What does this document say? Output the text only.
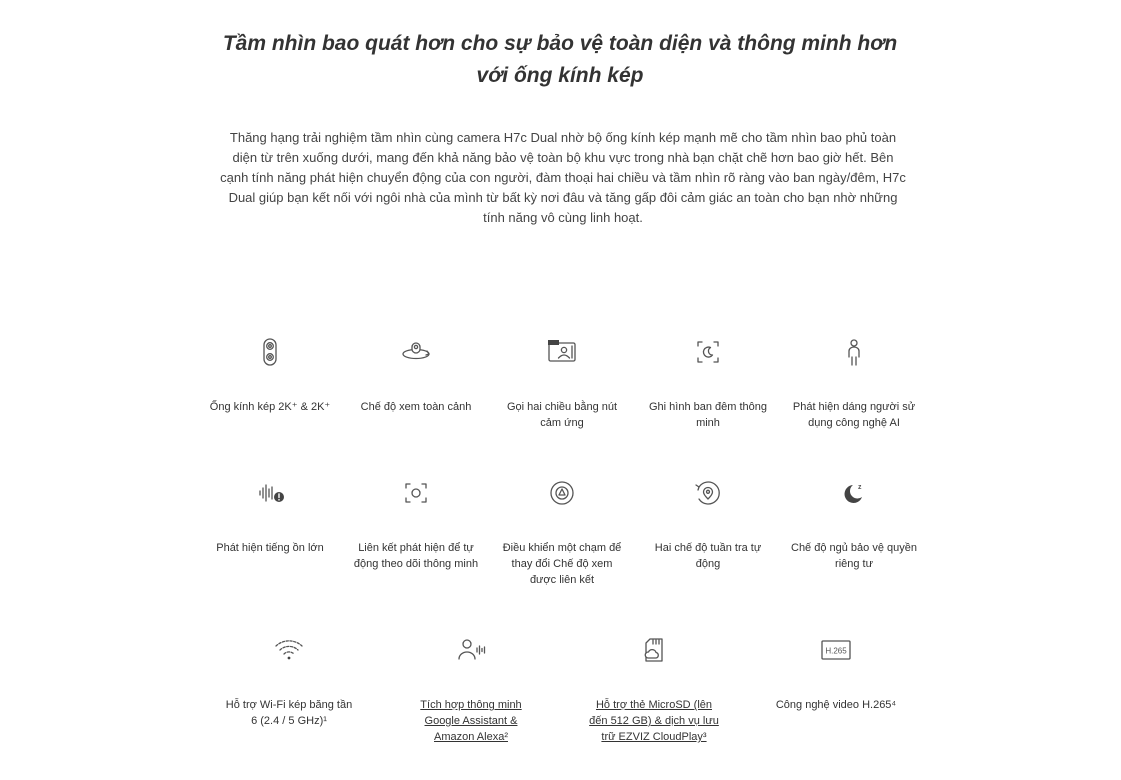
Tầm nhìn bao quát hơn cho sự bảo vệ toàn diện và thông minh hơn với ống kính kép

Thăng hạng trải nghiệm tầm nhìn cùng camera H7c Dual nhờ bộ ống kính kép mạnh mẽ cho tầm nhìn bao phủ toàn diện từ trên xuống dưới, mang đến khả năng bảo vệ toàn bộ khu vực trong nhà bạn chặt chẽ hơn bao giờ hết. Bên cạnh tính năng phát hiện chuyển động của con người, đàm thoại hai chiều và tầm nhìn rõ ràng vào ban ngày/đêm, H7c Dual giúp bạn kết nối với ngôi nhà của mình từ bất kỳ nơi đâu và tăng gấp đôi cảm giác an toàn cho bạn nhờ những tính năng vô cùng linh hoạt.

Ống kính kép 2K⁺ & 2K⁺	Chế độ xem toàn cảnh	Gọi hai chiều bằng nút cảm ứng
Ghi hình ban đêm thông minh
Phát hiện dáng người sử dụng công nghệ AI
Phát hiện tiếng ồn lớn	Liên kết phát hiện để tự động theo dõi thông minh
Điều khiển một chạm để thay đổi Chế độ xem được liên kết
Hai chế độ tuần tra tự động
z
Chế độ ngủ bảo vệ quyền riêng tư
Hỗ trợ Wi-Fi kép băng tần 6 (2.4 / 5 GHz)¹
Tích hợp thông minh Google Assistant & Amazon Alexa²
Hỗ trợ thẻ MicroSD (lên đến 512 GB) & dịch vụ lưu trữ EZVIZ CloudPlay³
H.265
Công nghệ video H.265⁴
